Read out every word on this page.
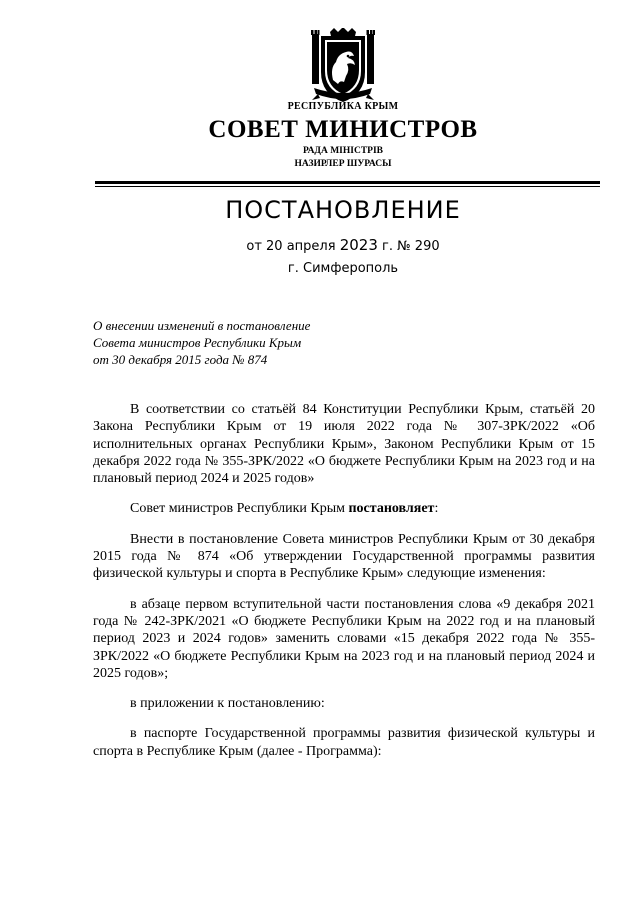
РЕСПУБЛИКА КРЫМ
СОВЕТ МИНИСТРОВ
РАДА МІНІСТРІВ
НАЗИРЛЕР ШУРАСЫ
ПОСТАНОВЛЕНИЕ
от 20 апреля 2023 г. № 290
г. Симферополь
О внесении изменений в постановление
Совета министров Республики Крым
от 30 декабря 2015 года № 874

В соответствии со статьёй 84 Конституции Республики Крым, статьёй 20 Закона Республики Крым от 19 июля 2022 года № 307-ЗРК/2022 «Об исполнительных органах Республики Крым», Законом Республики Крым от 15 декабря 2022 года № 355-ЗРК/2022 «О бюджете Республики Крым на 2023 год и на плановый период 2024 и 2025 годов»

Совет министров Республики Крым постановляет:

Внести в постановление Совета министров Республики Крым от 30 декабря 2015 года № 874 «Об утверждении Государственной программы развития физической культуры и спорта в Республике Крым» следующие изменения:

в абзаце первом вступительной части постановления слова «9 декабря 2021 года № 242-ЗРК/2021 «О бюджете Республики Крым на 2022 год и на плановый период 2023 и 2024 годов» заменить словами «15 декабря 2022 года № 355-ЗРК/2022 «О бюджете Республики Крым на 2023 год и на плановый период 2024 и 2025 годов»;

в приложении к постановлению:

в паспорте Государственной программы развития физической культуры и спорта в Республике Крым (далее - Программа):
